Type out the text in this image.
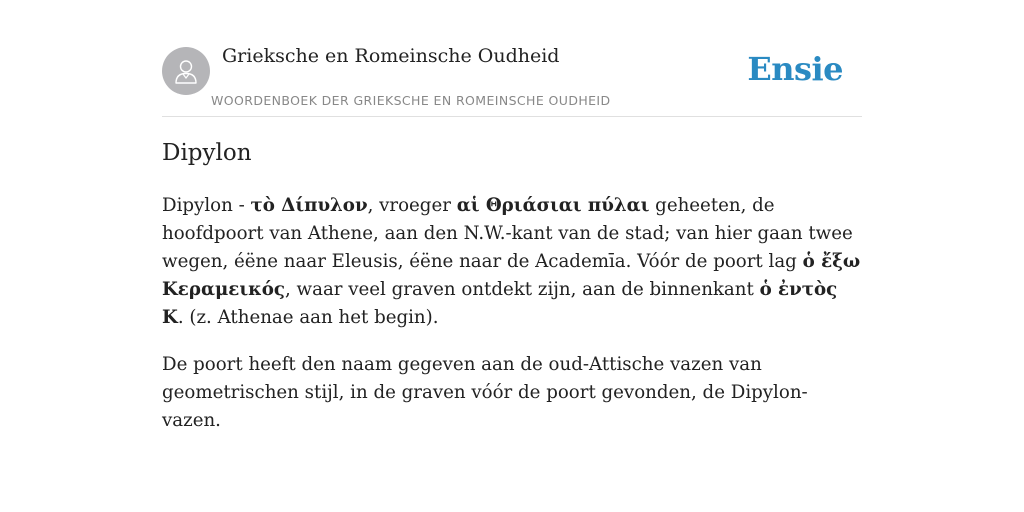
Grieksche en Romeinsche Oudheid
WOORDENBOEK DER GRIEKSCHE EN ROMEINSCHE OUDHEID
Ensie
Dipylon

Dipylon - τὸ Δίπυλον, vroeger αἱ Θριάσιαι πύλαι geheeten, de hoofdpoort van Athene, aan den N.W.-kant van de stad; van hier gaan twee wegen, éëne naar Eleusis, éëne naar de Academīa. Vóór de poort lag ὁ ἔξω Κεραμεικός, waar veel graven ontdekt zijn, aan de binnenkant ὁ ἐντὸς Κ. (z. Athenae aan het begin).

De poort heeft den naam gegeven aan de oud-Attische vazen van geometrischen stijl, in de graven vóór de poort gevonden, de Dipylon-vazen.
